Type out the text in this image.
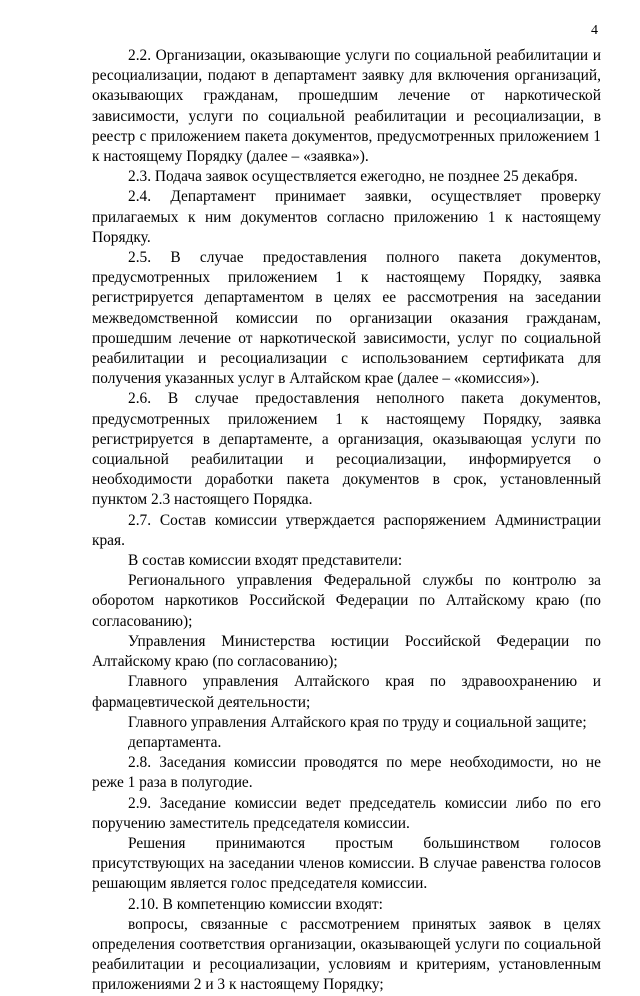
4

2.2. Организации, оказывающие услуги по социальной реабилитации и ресоциализации, подают в департамент заявку для включения организаций, оказывающих гражданам, прошедшим лечение от наркотической зависимости, услуги по социальной реабилитации и ресоциализации, в реестр с приложением пакета документов, предусмотренных приложением 1 к настоящему Порядку (далее – «заявка»).

2.3. Подача заявок осуществляется ежегодно, не позднее 25 декабря.

2.4. Департамент принимает заявки, осуществляет проверку прилагаемых к ним документов согласно приложению 1 к настоящему Порядку.

2.5. В случае предоставления полного пакета документов, предусмотренных приложением 1 к настоящему Порядку, заявка регистрируется департаментом в целях ее рассмотрения на заседании межведомственной комиссии по организации оказания гражданам, прошедшим лечение от наркотической зависимости, услуг по социальной реабилитации и ресоциализации с использованием сертификата для получения указанных услуг в Алтайском крае (далее – «комиссия»).

2.6. В случае предоставления неполного пакета документов, предусмотренных приложением 1 к настоящему Порядку, заявка регистрируется в департаменте, а организация, оказывающая услуги по социальной реабилитации и ресоциализации, информируется о необходимости доработки пакета документов в срок, установленный пунктом 2.3 настоящего Порядка.

2.7. Состав комиссии утверждается распоряжением Администрации края.

В состав комиссии входят представители:

Регионального управления Федеральной службы по контролю за оборотом наркотиков Российской Федерации по Алтайскому краю (по согласованию);

Управления Министерства юстиции Российской Федерации по Алтайскому краю (по согласованию);

Главного управления Алтайского края по здравоохранению и фармацевтической деятельности;

Главного управления Алтайского края по труду и социальной защите;

департамента.

2.8. Заседания комиссии проводятся по мере необходимости, но не реже 1 раза в полугодие.

2.9. Заседание комиссии ведет председатель комиссии либо по его поручению заместитель председателя комиссии.

Решения принимаются простым большинством голосов присутствующих на заседании членов комиссии. В случае равенства голосов решающим является голос председателя комиссии.

2.10. В компетенцию комиссии входят:

вопросы, связанные с рассмотрением принятых заявок в целях определения соответствия организации, оказывающей услуги по социальной реабилитации и ресоциализации, условиям и критериям, установленным приложениями 2 и 3 к настоящему Порядку;
